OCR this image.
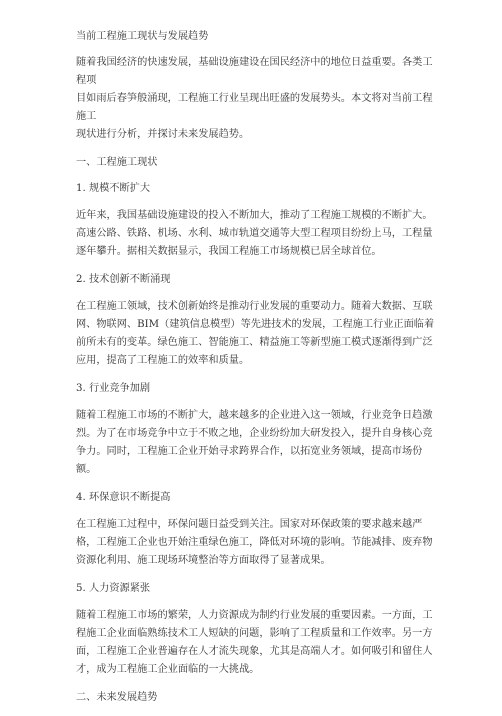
当前工程施工现状与发展趋势

随着我国经济的快速发展，基础设施建设在国民经济中的地位日益重要。各类工程项
目如雨后春笋般涌现，工程施工行业呈现出旺盛的发展势头。本文将对当前工程施工
现状进行分析，并探讨未来发展趋势。

一、工程施工现状

1. 规模不断扩大

近年来，我国基础设施建设的投入不断加大，推动了工程施工规模的不断扩大。高速公路、铁路、机场、水利、城市轨道交通等大型工程项目纷纷上马，工程量逐年攀升。据相关数据显示，我国工程施工市场规模已居全球首位。

2. 技术创新不断涌现

在工程施工领域，技术创新始终是推动行业发展的重要动力。随着大数据、互联网、物联网、BIM（建筑信息模型）等先进技术的发展，工程施工行业正面临着前所未有的变革。绿色施工、智能施工、精益施工等新型施工模式逐渐得到广泛应用，提高了工程施工的效率和质量。

3. 行业竞争加剧

随着工程施工市场的不断扩大，越来越多的企业进入这一领域，行业竞争日趋激烈。为了在市场竞争中立于不败之地，企业纷纷加大研发投入，提升自身核心竞争力。同时，工程施工企业开始寻求跨界合作，以拓宽业务领域，提高市场份额。

4. 环保意识不断提高

在工程施工过程中，环保问题日益受到关注。国家对环保政策的要求越来越严格，工程施工企业也开始注重绿色施工，降低对环境的影响。节能减排、废弃物资源化利用、施工现场环境整治等方面取得了显著成果。

5. 人力资源紧张

随着工程施工市场的繁荣，人力资源成为制约行业发展的重要因素。一方面，工程施工企业面临熟练技术工人短缺的问题，影响了工程质量和工作效率。另一方面，工程施工企业普遍存在人才流失现象，尤其是高端人才。如何吸引和留住人才，成为工程施工企业面临的一大挑战。

二、未来发展趋势
